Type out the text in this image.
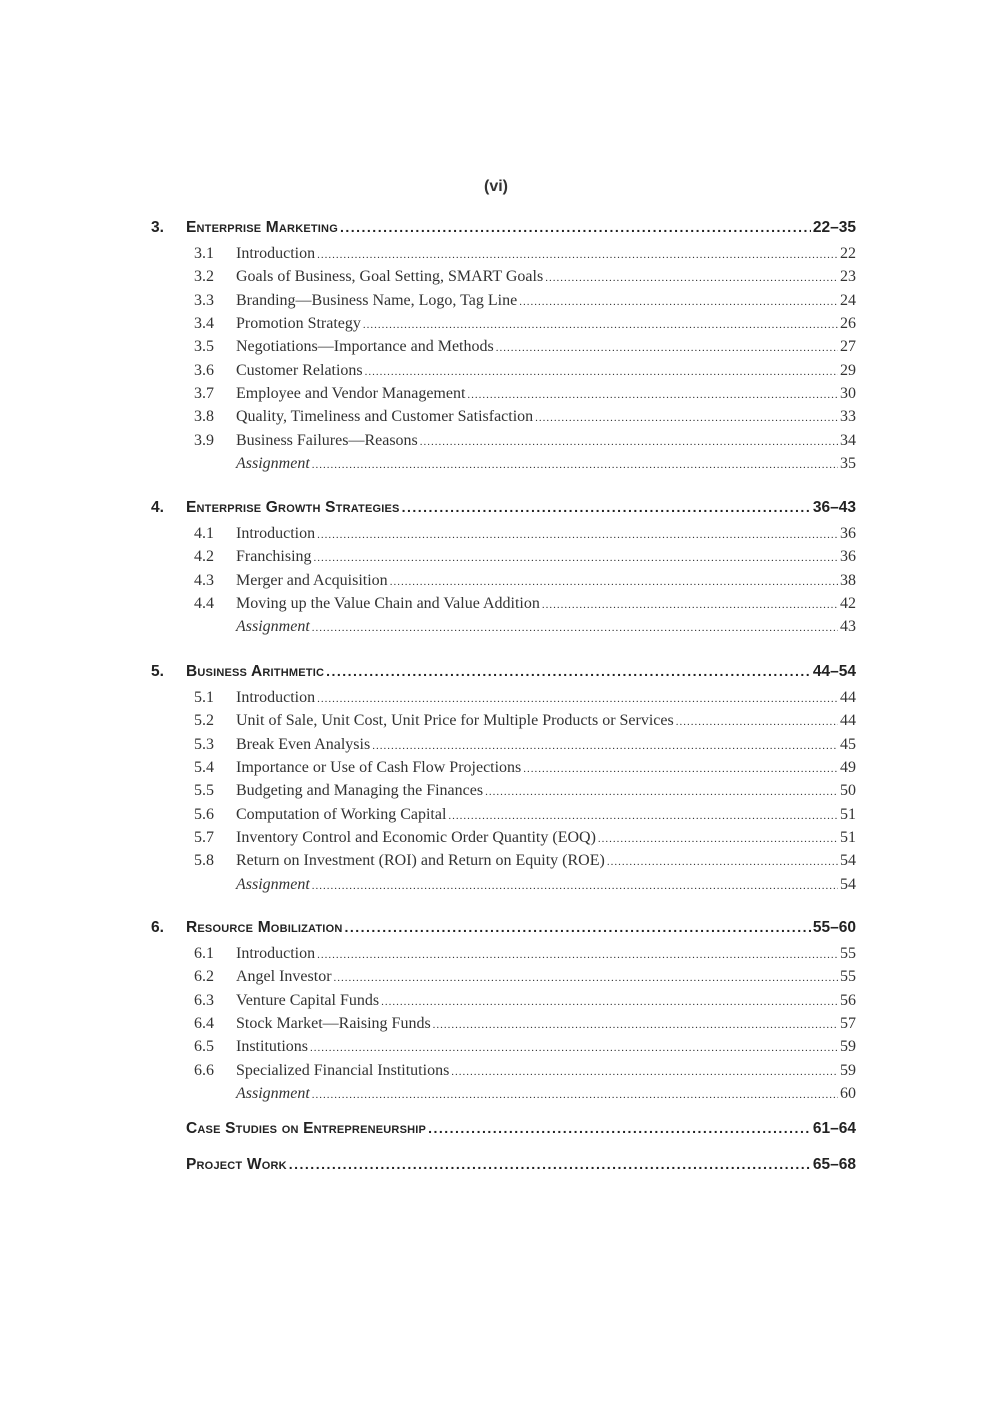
(vi)
3.	Enterprise Marketing .....	22–35
3.1	Introduction .....	22
3.2	Goals of Business, Goal Setting, SMART Goals .....	23
3.3	Branding—Business Name, Logo, Tag Line .....	24
3.4	Promotion Strategy .....	26
3.5	Negotiations—Importance and Methods .....	27
3.6	Customer Relations .....	29
3.7	Employee and Vendor Management .....	30
3.8	Quality, Timeliness and Customer Satisfaction .....	33
3.9	Business Failures—Reasons .....	34
Assignment .....	35
4.	Enterprise Growth Strategies .....	36–43
4.1	Introduction .....	36
4.2	Franchising .....	36
4.3	Merger and Acquisition .....	38
4.4	Moving up the Value Chain and Value Addition .....	42
Assignment .....	43
5.	Business Arithmetic .....	44–54
5.1	Introduction .....	44
5.2	Unit of Sale, Unit Cost, Unit Price for Multiple Products or Services .....	44
5.3	Break Even Analysis .....	45
5.4	Importance or Use of Cash Flow Projections .....	49
5.5	Budgeting and Managing the Finances .....	50
5.6	Computation of Working Capital .....	51
5.7	Inventory Control and Economic Order Quantity (EOQ) .....	51
5.8	Return on Investment (ROI) and Return on Equity (ROE) .....	54
Assignment .....	54
6.	Resource Mobilization .....	55–60
6.1	Introduction .....	55
6.2	Angel Investor .....	55
6.3	Venture Capital Funds .....	56
6.4	Stock Market—Raising Funds .....	57
6.5	Institutions .....	59
6.6	Specialized Financial Institutions .....	59
Assignment .....	60
Case Studies on Entrepreneurship .....	61–64
Project Work .....	65–68
